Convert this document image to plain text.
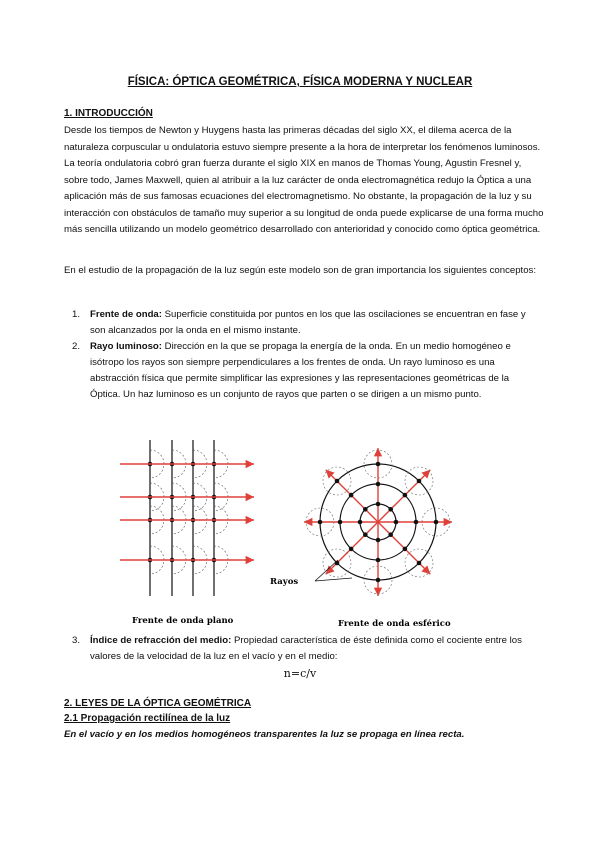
FÍSICA: ÓPTICA GEOMÉTRICA, FÍSICA MODERNA Y NUCLEAR
1. INTRODUCCIÓN
Desde los tiempos de Newton y Huygens hasta las primeras décadas del siglo XX, el dilema acerca de la naturaleza corpuscular u ondulatoria estuvo siempre presente a la hora de interpretar los fenómenos luminosos. La teoría ondulatoria cobró gran fuerza durante el siglo XIX en manos de Thomas Young, Agustin Fresnel y, sobre todo, James Maxwell, quien al atribuir a la luz carácter de onda electromagnética redujo la Óptica a una aplicación más de sus famosas ecuaciones del electromagnetismo. No obstante, la propagación de la luz y su interacción con obstáculos de tamaño muy superior a su longitud de onda puede explicarse de una forma mucho más sencilla utilizando un modelo geométrico desarrollado con anterioridad y conocido como óptica geométrica.
En el estudio de la propagación de la luz según este modelo son de gran importancia los siguientes conceptos:
1. Frente de onda: Superficie constituida por puntos en los que las oscilaciones se encuentran en fase y son alcanzados por la onda en el mismo instante.
2. Rayo luminoso: Dirección en la que se propaga la energía de la onda. En un medio homogéneo e isótropo los rayos son siempre perpendiculares a los frentes de onda. Un rayo luminoso es una abstracción física que permite simplificar las expresiones y las representaciones geométricas de la Óptica. Un haz luminoso es un conjunto de rayos que parten o se dirigen a un mismo punto.
Rayos
Frente de onda plano	Frente de onda esférico
3. Índice de refracción del medio: Propiedad característica de éste definida como el cociente entre los valores de la velocidad de la luz en el vacío y en el medio:
n=c/v
2. LEYES DE LA ÓPTICA GEOMÉTRICA
2.1 Propagación rectilínea de la luz
En el vacío y en los medios homogéneos transparentes la luz se propaga en línea recta.
